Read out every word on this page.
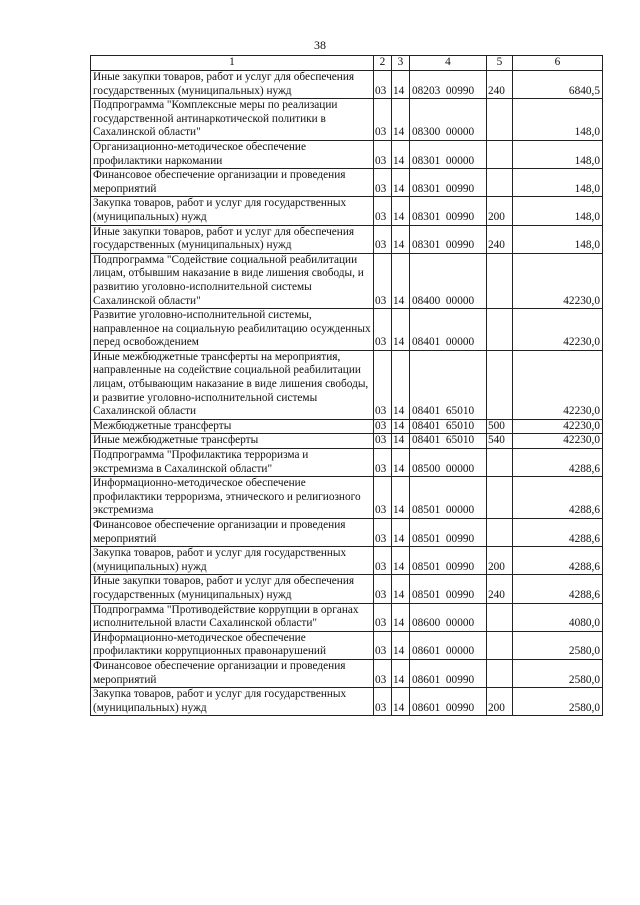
38
1	2	3	4	5	6
Иные закупки товаров, работ и услуг для обеспечения государственных (муниципальных) нужд	03	14	08203  00990	240	6840,5
Подпрограмма "Комплексные меры по реализации государственной антинаркотической политики в Сахалинской области"	03	14	08300  00000		148,0
Организационно-методическое обеспечение профилактики наркомании	03	14	08301  00000		148,0
Финансовое обеспечение организации и проведения мероприятий	03	14	08301  00990		148,0
Закупка товаров, работ и услуг для государственных (муниципальных) нужд	03	14	08301  00990	200	148,0
Иные закупки товаров, работ и услуг для обеспечения государственных (муниципальных) нужд	03	14	08301  00990	240	148,0
Подпрограмма "Содействие социальной реабилитации лицам, отбывшим наказание в виде лишения свободы, и развитию уголовно-исполнительной системы Сахалинской области"	03	14	08400  00000		42230,0
Развитие уголовно-исполнительной системы, направленное на социальную реабилитацию осужденных перед освобождением	03	14	08401  00000		42230,0
Иные межбюджетные трансферты на мероприятия, направленные на содействие социальной реабилитации лицам, отбывающим наказание в виде лишения свободы, и развитие уголовно-исполнительной системы Сахалинской области	03	14	08401  65010		42230,0
Межбюджетные трансферты	03	14	08401  65010	500	42230,0
Иные межбюджетные трансферты	03	14	08401  65010	540	42230,0
Подпрограмма "Профилактика терроризма и экстремизма в Сахалинской области"	03	14	08500  00000		4288,6
Информационно-методическое обеспечение профилактики терроризма, этнического и религиозного экстремизма	03	14	08501  00000		4288,6
Финансовое обеспечение организации и проведения мероприятий	03	14	08501  00990		4288,6
Закупка товаров, работ и услуг для государственных (муниципальных) нужд	03	14	08501  00990	200	4288,6
Иные закупки товаров, работ и услуг для обеспечения государственных (муниципальных) нужд	03	14	08501  00990	240	4288,6
Подпрограмма "Противодействие коррупции в органах исполнительной власти Сахалинской области"	03	14	08600  00000		4080,0
Информационно-методическое обеспечение профилактики коррупционных правонарушений	03	14	08601  00000		2580,0
Финансовое обеспечение организации и проведения мероприятий	03	14	08601  00990		2580,0
Закупка товаров, работ и услуг для государственных (муниципальных) нужд	03	14	08601  00990	200	2580,0
